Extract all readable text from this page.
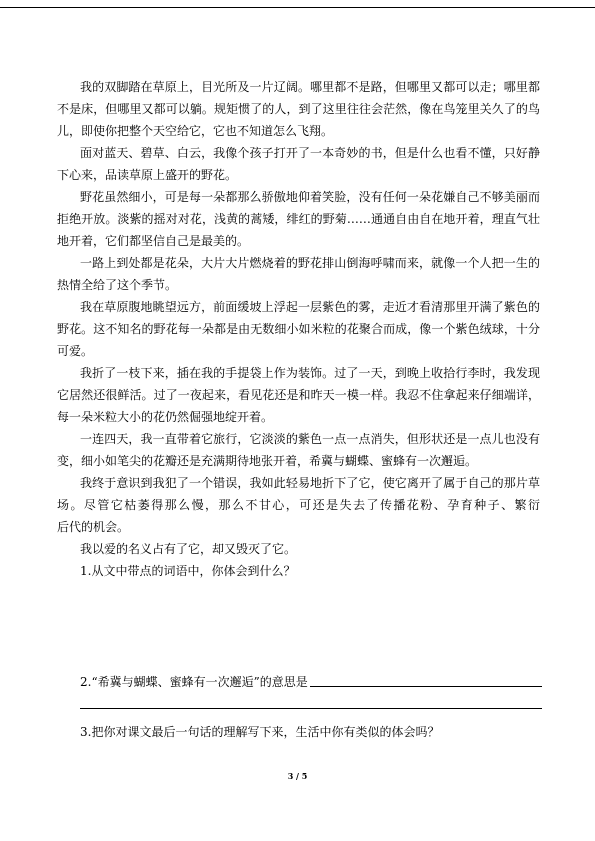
我的双脚踏在草原上，目光所及一片辽阔。哪里都不是路，但哪里又都可以走；哪里都
不是床，但哪里又都可以躺。规矩惯了的人，到了这里往往会茫然，像在鸟笼里关久了的鸟
儿，即使你把整个天空给它，它也不知道怎么飞翔。
面对蓝天、碧草、白云，我像个孩子打开了一本奇妙的书，但是什么也看不懂，只好静
下心来，品读草原上盛开的野花。
野花虽然细小，可是每一朵都那么骄傲地仰着笑脸，没有任何一朵花嫌自己不够美丽而
拒绝开放。淡紫的摇对对花，浅黄的蒿矮，绯红的野菊……通通自由自在地开着，理直气壮
地开着，它们都坚信自己是最美的。
一路上到处都是花朵，大片大片燃烧着的野花排山倒海呼啸而来，就像一个人把一生的
热情全给了这个季节。
我在草原腹地眺望远方，前面缓坡上浮起一层紫色的雾，走近才看清那里开满了紫色的
野花。这不知名的野花每一朵都是由无数细小如米粒的花聚合而成，像一个紫色绒球，十分
可爱。
我折了一枝下来，插在我的手提袋上作为装饰。过了一天，到晚上收拾行李时，我发现
它居然还很鲜活。过了一夜起来，看见花还是和昨天一模一样。我忍不住拿起来仔细端详，
每一朵米粒大小的花仍然倔强地绽开着。
一连四天，我一直带着它旅行，它淡淡的紫色一点一点消失，但形状还是一点儿也没有
变，细小如笔尖的花瓣还是充满期待地张开着，希冀与蝴蝶、蜜蜂有一次邂逅。
我终于意识到我犯了一个错误，我如此轻易地折下了它，使它离开了属于自己的那片草
场。尽管它枯萎得那么慢，那么不甘心，可还是失去了传播花粉、孕育种子、繁衍
后代的机会。
我以爱的名义占有了它，却又毁灭了它。
1.从文中带点的词语中，你体会到什么？
2.“希冀与蝴蝶、蜜蜂有一次邂逅”的意思是
3.把你对课文最后一句话的理解写下来，生活中你有类似的体会吗？
3 / 5
